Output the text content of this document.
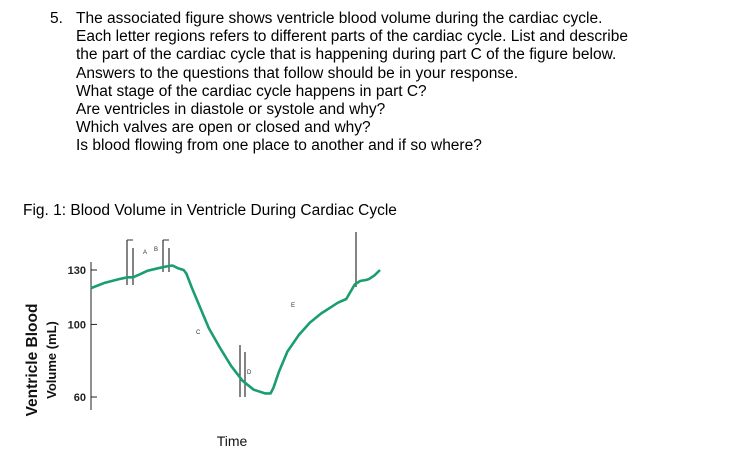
5. The associated figure shows ventricle blood volume during the cardiac cycle.
Each letter regions refers to different parts of the cardiac cycle. List and describe
the part of the cardiac cycle that is happening during part C of the figure below.
Answers to the questions that follow should be in your response.
What stage of the cardiac cycle happens in part C?
Are ventricles in diastole or systole and why?
Which valves are open or closed and why?
Is blood flowing from one place to another and if so where?
Fig. 1: Blood Volume in Ventricle During Cardiac Cycle
130
100
60
A B
C
D
E
Time
Ventricle Blood Volume (mL)
